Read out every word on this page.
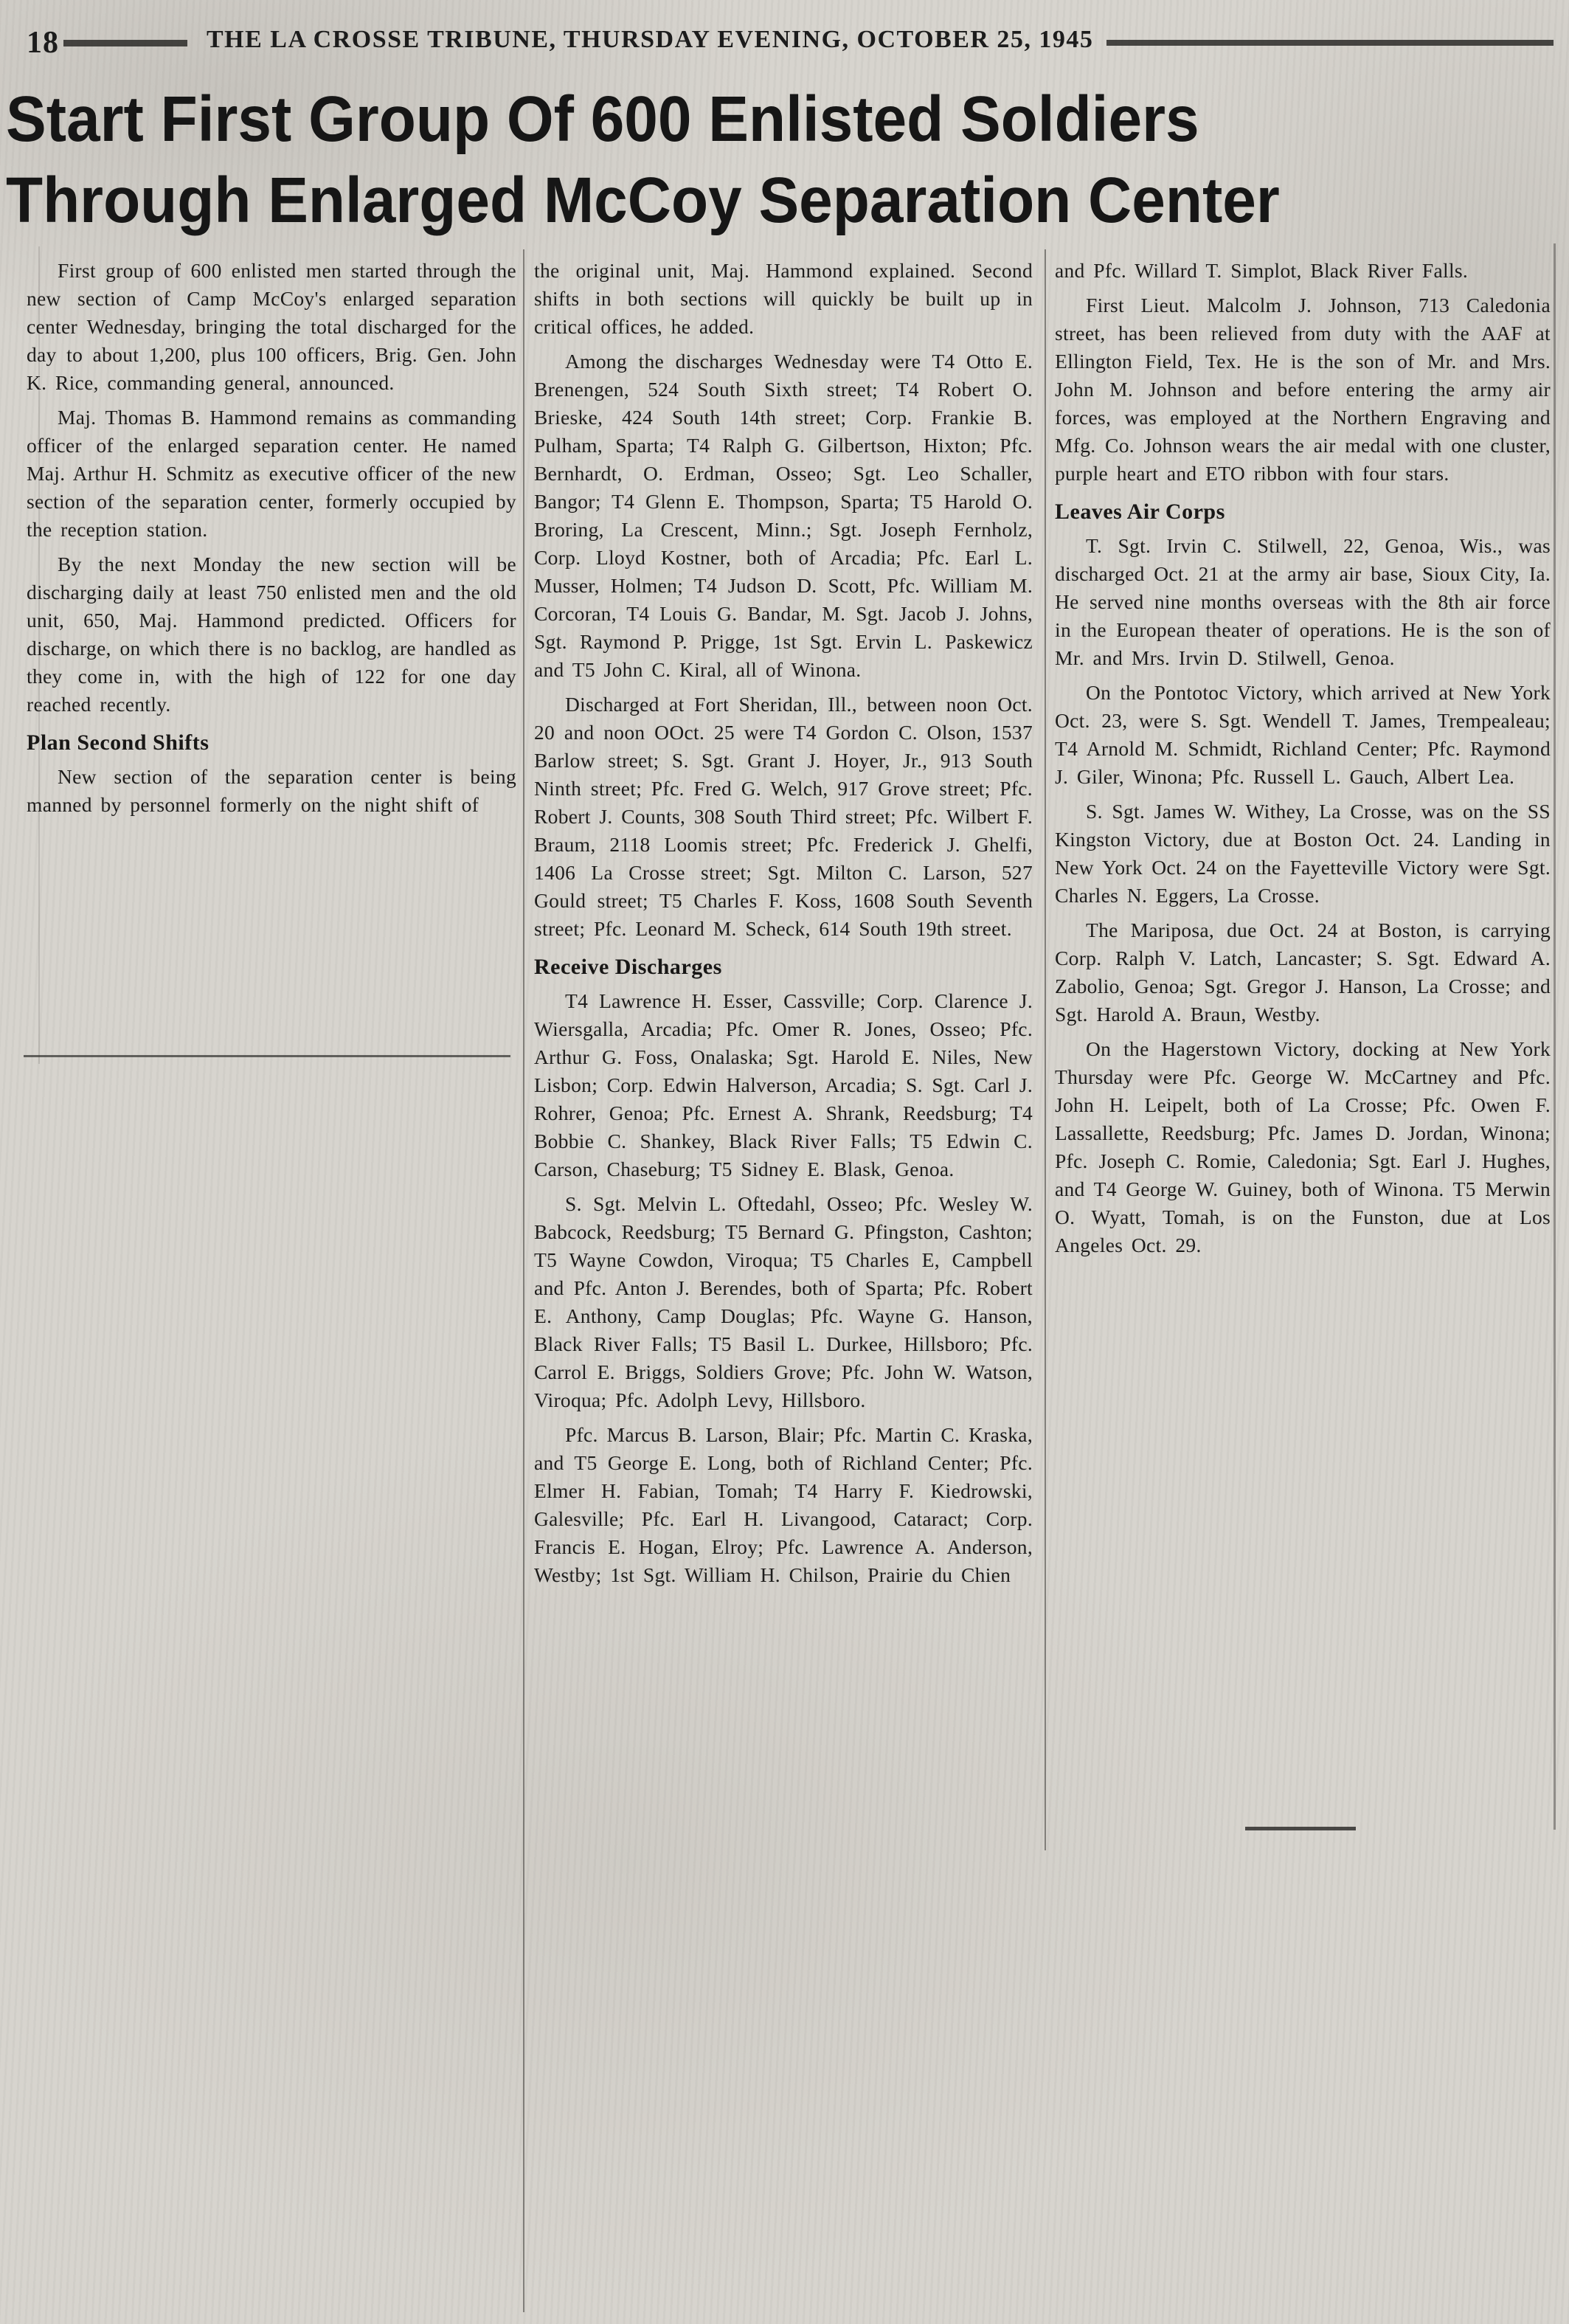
18	THE LA CROSSE TRIBUNE, THURSDAY EVENING, OCTOBER 25, 1945
Start First Group Of 600 Enlisted Soldiers
Through Enlarged McCoy Separation Center

First group of 600 enlisted men started through the new section of Camp McCoy's enlarged separation center Wednesday, bringing the total discharged for the day to about 1,200, plus 100 officers, Brig. Gen. John K. Rice, commanding general, announced.

Maj. Thomas B. Hammond remains as commanding officer of the enlarged separation center. He named Maj. Arthur H. Schmitz as executive officer of the new section of the separation center, formerly occupied by the reception station.

By the next Monday the new section will be discharging daily at least 750 enlisted men and the old unit, 650, Maj. Hammond predicted. Officers for discharge, on which there is no backlog, are handled as they come in, with the high of 122 for one day reached recently.

Plan Second Shifts

New section of the separation center is being manned by personnel formerly on the night shift of

the original unit, Maj. Hammond explained. Second shifts in both sections will quickly be built up in critical offices, he added.

Among the discharges Wednesday were T4 Otto E. Brenengen, 524 South Sixth street; T4 Robert O. Brieske, 424 South 14th street; Corp. Frankie B. Pulham, Sparta; T4 Ralph G. Gilbertson, Hixton; Pfc. Bernhardt, O. Erdman, Osseo; Sgt. Leo Schaller, Bangor; T4 Glenn E. Thompson, Sparta; T5 Harold O. Broring, La Crescent, Minn.; Sgt. Joseph Fernholz, Corp. Lloyd Kostner, both of Arcadia; Pfc. Earl L. Musser, Holmen; T4 Judson D. Scott, Pfc. William M. Corcoran, T4 Louis G. Bandar, M. Sgt. Jacob J. Johns, Sgt. Raymond P. Prigge, 1st Sgt. Ervin L. Paskewicz and T5 John C. Kiral, all of Winona.

Discharged at Fort Sheridan, Ill., between noon Oct. 20 and noon OOct. 25 were T4 Gordon C. Olson, 1537 Barlow street; S. Sgt. Grant J. Hoyer, Jr., 913 South Ninth street; Pfc. Fred G. Welch, 917 Grove street; Pfc. Robert J. Counts, 308 South Third street; Pfc. Wilbert F. Braum, 2118 Loomis street; Pfc. Frederick J. Ghelfi, 1406 La Crosse street; Sgt. Milton C. Larson, 527 Gould street; T5 Charles F. Koss, 1608 South Seventh street; Pfc. Leonard M. Scheck, 614 South 19th street.

Receive Discharges

T4 Lawrence H. Esser, Cassville; Corp. Clarence J. Wiersgalla, Arcadia; Pfc. Omer R. Jones, Osseo; Pfc. Arthur G. Foss, Onalaska; Sgt. Harold E. Niles, New Lisbon; Corp. Edwin Halverson, Arcadia; S. Sgt. Carl J. Rohrer, Genoa; Pfc. Ernest A. Shrank, Reedsburg; T4 Bobbie C. Shankey, Black River Falls; T5 Edwin C. Carson, Chaseburg; T5 Sidney E. Blask, Genoa.

S. Sgt. Melvin L. Oftedahl, Osseo; Pfc. Wesley W. Babcock, Reedsburg; T5 Bernard G. Pfingston, Cashton; T5 Wayne Cowdon, Viroqua; T5 Charles E, Campbell and Pfc. Anton J. Berendes, both of Sparta; Pfc. Robert E. Anthony, Camp Douglas; Pfc. Wayne G. Hanson, Black River Falls; T5 Basil L. Durkee, Hillsboro; Pfc. Carrol E. Briggs, Soldiers Grove; Pfc. John W. Watson, Viroqua; Pfc. Adolph Levy, Hillsboro.

Pfc. Marcus B. Larson, Blair; Pfc. Martin C. Kraska, and T5 George E. Long, both of Richland Center; Pfc. Elmer H. Fabian, Tomah; T4 Harry F. Kiedrowski, Galesville; Pfc. Earl H. Livangood, Cataract; Corp. Francis E. Hogan, Elroy; Pfc. Lawrence A. Anderson, Westby; 1st Sgt. William H. Chilson, Prairie du Chien

and Pfc. Willard T. Simplot, Black River Falls.

First Lieut. Malcolm J. Johnson, 713 Caledonia street, has been relieved from duty with the AAF at Ellington Field, Tex. He is the son of Mr. and Mrs. John M. Johnson and before entering the army air forces, was employed at the Northern Engraving and Mfg. Co. Johnson wears the air medal with one cluster, purple heart and ETO ribbon with four stars.

Leaves Air Corps

T. Sgt. Irvin C. Stilwell, 22, Genoa, Wis., was discharged Oct. 21 at the army air base, Sioux City, Ia. He served nine months overseas with the 8th air force in the European theater of operations. He is the son of Mr. and Mrs. Irvin D. Stilwell, Genoa.

On the Pontotoc Victory, which arrived at New York Oct. 23, were S. Sgt. Wendell T. James, Trempealeau; T4 Arnold M. Schmidt, Richland Center; Pfc. Raymond J. Giler, Winona; Pfc. Russell L. Gauch, Albert Lea.

S. Sgt. James W. Withey, La Crosse, was on the SS Kingston Victory, due at Boston Oct. 24. Landing in New York Oct. 24 on the Fayetteville Victory were Sgt. Charles N. Eggers, La Crosse.

The Mariposa, due Oct. 24 at Boston, is carrying Corp. Ralph V. Latch, Lancaster; S. Sgt. Edward A. Zabolio, Genoa; Sgt. Gregor J. Hanson, La Crosse; and Sgt. Harold A. Braun, Westby.

On the Hagerstown Victory, docking at New York Thursday were Pfc. George W. McCartney and Pfc. John H. Leipelt, both of La Crosse; Pfc. Owen F. Lassallette, Reedsburg; Pfc. James D. Jordan, Winona; Pfc. Joseph C. Romie, Caledonia; Sgt. Earl J. Hughes, and T4 George W. Guiney, both of Winona. T5 Merwin O. Wyatt, Tomah, is on the Funston, due at Los Angeles Oct. 29.
